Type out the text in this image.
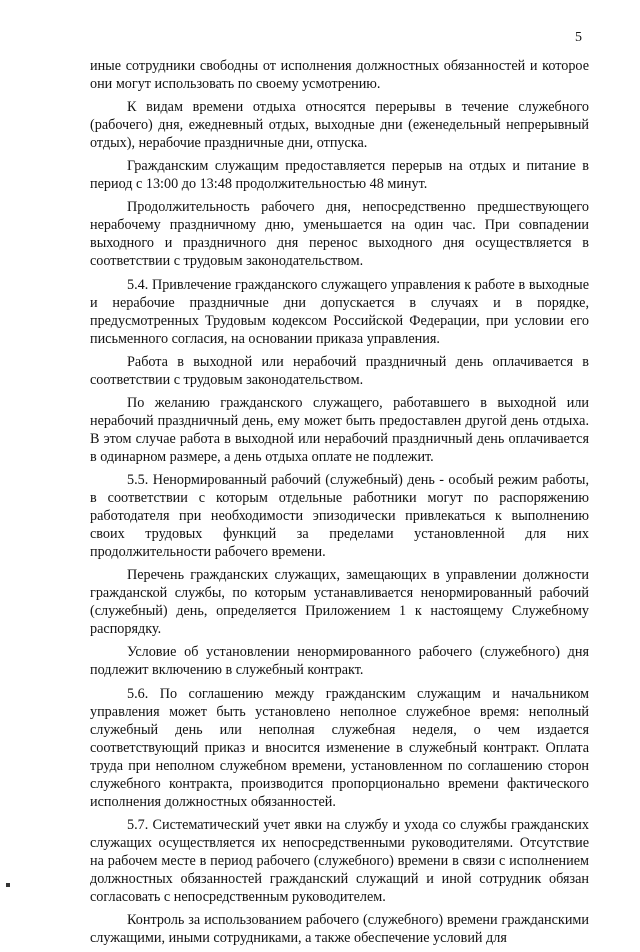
5

иные сотрудники свободны от исполнения должностных обязанностей и которое они могут использовать по своему усмотрению.

К видам времени отдыха относятся перерывы в течение служебного (рабочего) дня, ежедневный отдых, выходные дни (еженедельный непрерывный отдых), нерабочие праздничные дни, отпуска.

Гражданским служащим предоставляется перерыв на отдых и питание в период с 13:00 до 13:48 продолжительностью 48 минут.

Продолжительность рабочего дня, непосредственно предшествующего нерабочему праздничному дню, уменьшается на один час. При совпадении выходного и праздничного дня перенос выходного дня осуществляется в соответствии с трудовым законодательством.

5.4. Привлечение гражданского служащего управления к работе в выходные и нерабочие праздничные дни допускается в случаях и в порядке, предусмотренных Трудовым кодексом Российской Федерации, при условии его письменного согласия, на основании приказа управления.

Работа в выходной или нерабочий праздничный день оплачивается в соответствии с трудовым законодательством.

По желанию гражданского служащего, работавшего в выходной или нерабочий праздничный день, ему может быть предоставлен другой день отдыха. В этом случае работа в выходной или нерабочий праздничный день оплачивается в одинарном размере, а день отдыха оплате не подлежит.

5.5. Ненормированный рабочий (служебный) день - особый режим работы, в соответствии с которым отдельные работники могут по распоряжению работодателя при необходимости эпизодически привлекаться к выполнению своих трудовых функций за пределами установленной для них продолжительности рабочего времени.

Перечень гражданских служащих, замещающих в управлении должности гражданской службы, по которым устанавливается ненормированный рабочий (служебный) день, определяется Приложением 1 к настоящему Служебному распорядку.

Условие об установлении ненормированного рабочего (служебного) дня подлежит включению в служебный контракт.

5.6. По соглашению между гражданским служащим и начальником управления может быть установлено неполное служебное время: неполный служебный день или неполная служебная неделя, о чем издается соответствующий приказ и вносится изменение в служебный контракт. Оплата труда при неполном служебном времени, установленном по соглашению сторон служебного контракта, производится пропорционально времени фактического исполнения должностных обязанностей.

5.7. Систематический учет явки на службу и ухода со службы гражданских служащих осуществляется их непосредственными руководителями. Отсутствие на рабочем месте в период рабочего (служебного) времени в связи с исполнением должностных обязанностей гражданский служащий и иной сотрудник обязан согласовать с непосредственным руководителем.

Контроль за использованием рабочего (служебного) времени гражданскими служащими, иными сотрудниками, а также обеспечение условий для
